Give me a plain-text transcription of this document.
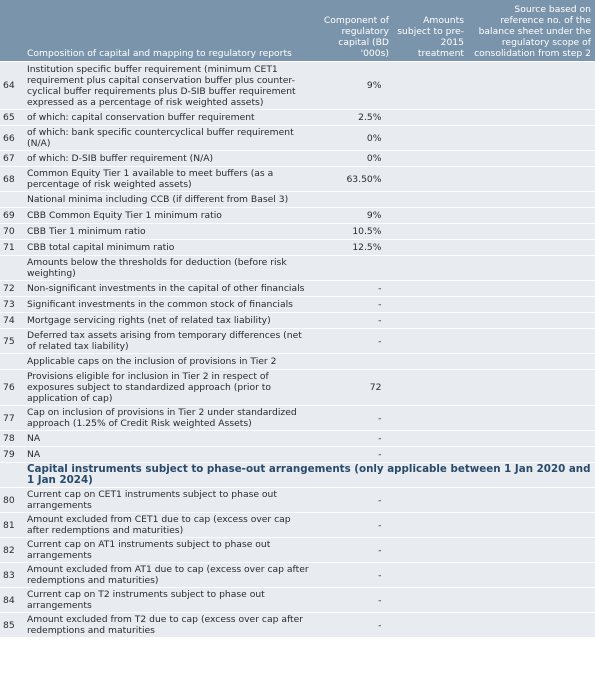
Composition of capital and mapping to regulatory reports		Component of regulatory capital (BD '000s)	Amounts subject to pre-2015 treatment	Source based on reference no. of the balance sheet under the regulatory scope of consolidation from step 2
64	Institution specific buffer requirement (minimum CET1 requirement plus capital conservation buffer plus counter-cyclical buffer requirements plus D-SIB buffer requirement expressed as a percentage of risk weighted assets)	9%		
65	of which: capital conservation buffer requirement	2.5%		
66	of which: bank specific countercyclical buffer requirement (N/A)	0%		
67	of which: D-SIB buffer requirement (N/A)	0%		
68	Common Equity Tier 1 available to meet buffers (as a percentage of risk weighted assets)	63.50%		
	National minima including CCB (if different from Basel 3)			
69	CBB Common Equity Tier 1 minimum ratio	9%		
70	CBB Tier 1 minimum ratio	10.5%		
71	CBB total capital minimum ratio	12.5%		
	Amounts below the thresholds for deduction (before risk weighting)			
72	Non-significant investments in the capital of other financials	-		
73	Significant investments in the common stock of financials	-		
74	Mortgage servicing rights (net of related tax liability)	-		
75	Deferred tax assets arising from temporary differences (net of related tax liability)	-		
	Applicable caps on the inclusion of provisions in Tier 2			
76	Provisions eligible for inclusion in Tier 2 in respect of exposures subject to standardized approach (prior to application of cap)	72		
77	Cap on inclusion of provisions in Tier 2 under standardized approach (1.25% of Credit Risk weighted Assets)	-		
78	NA	-		
79	NA	-		
Capital instruments subject to phase-out arrangements (only applicable between 1 Jan 2020 and 1 Jan 2024)				
80	Current cap on CET1 instruments subject to phase out arrangements	-		
81	Amount excluded from CET1 due to cap (excess over cap after redemptions and maturities)	-		
82	Current cap on AT1 instruments subject to phase out arrangements	-		
83	Amount excluded from AT1 due to cap (excess over cap after redemptions and maturities)	-		
84	Current cap on T2 instruments subject to phase out arrangements	-		
85	Amount excluded from T2 due to cap (excess over cap after redemptions and maturities	-		
